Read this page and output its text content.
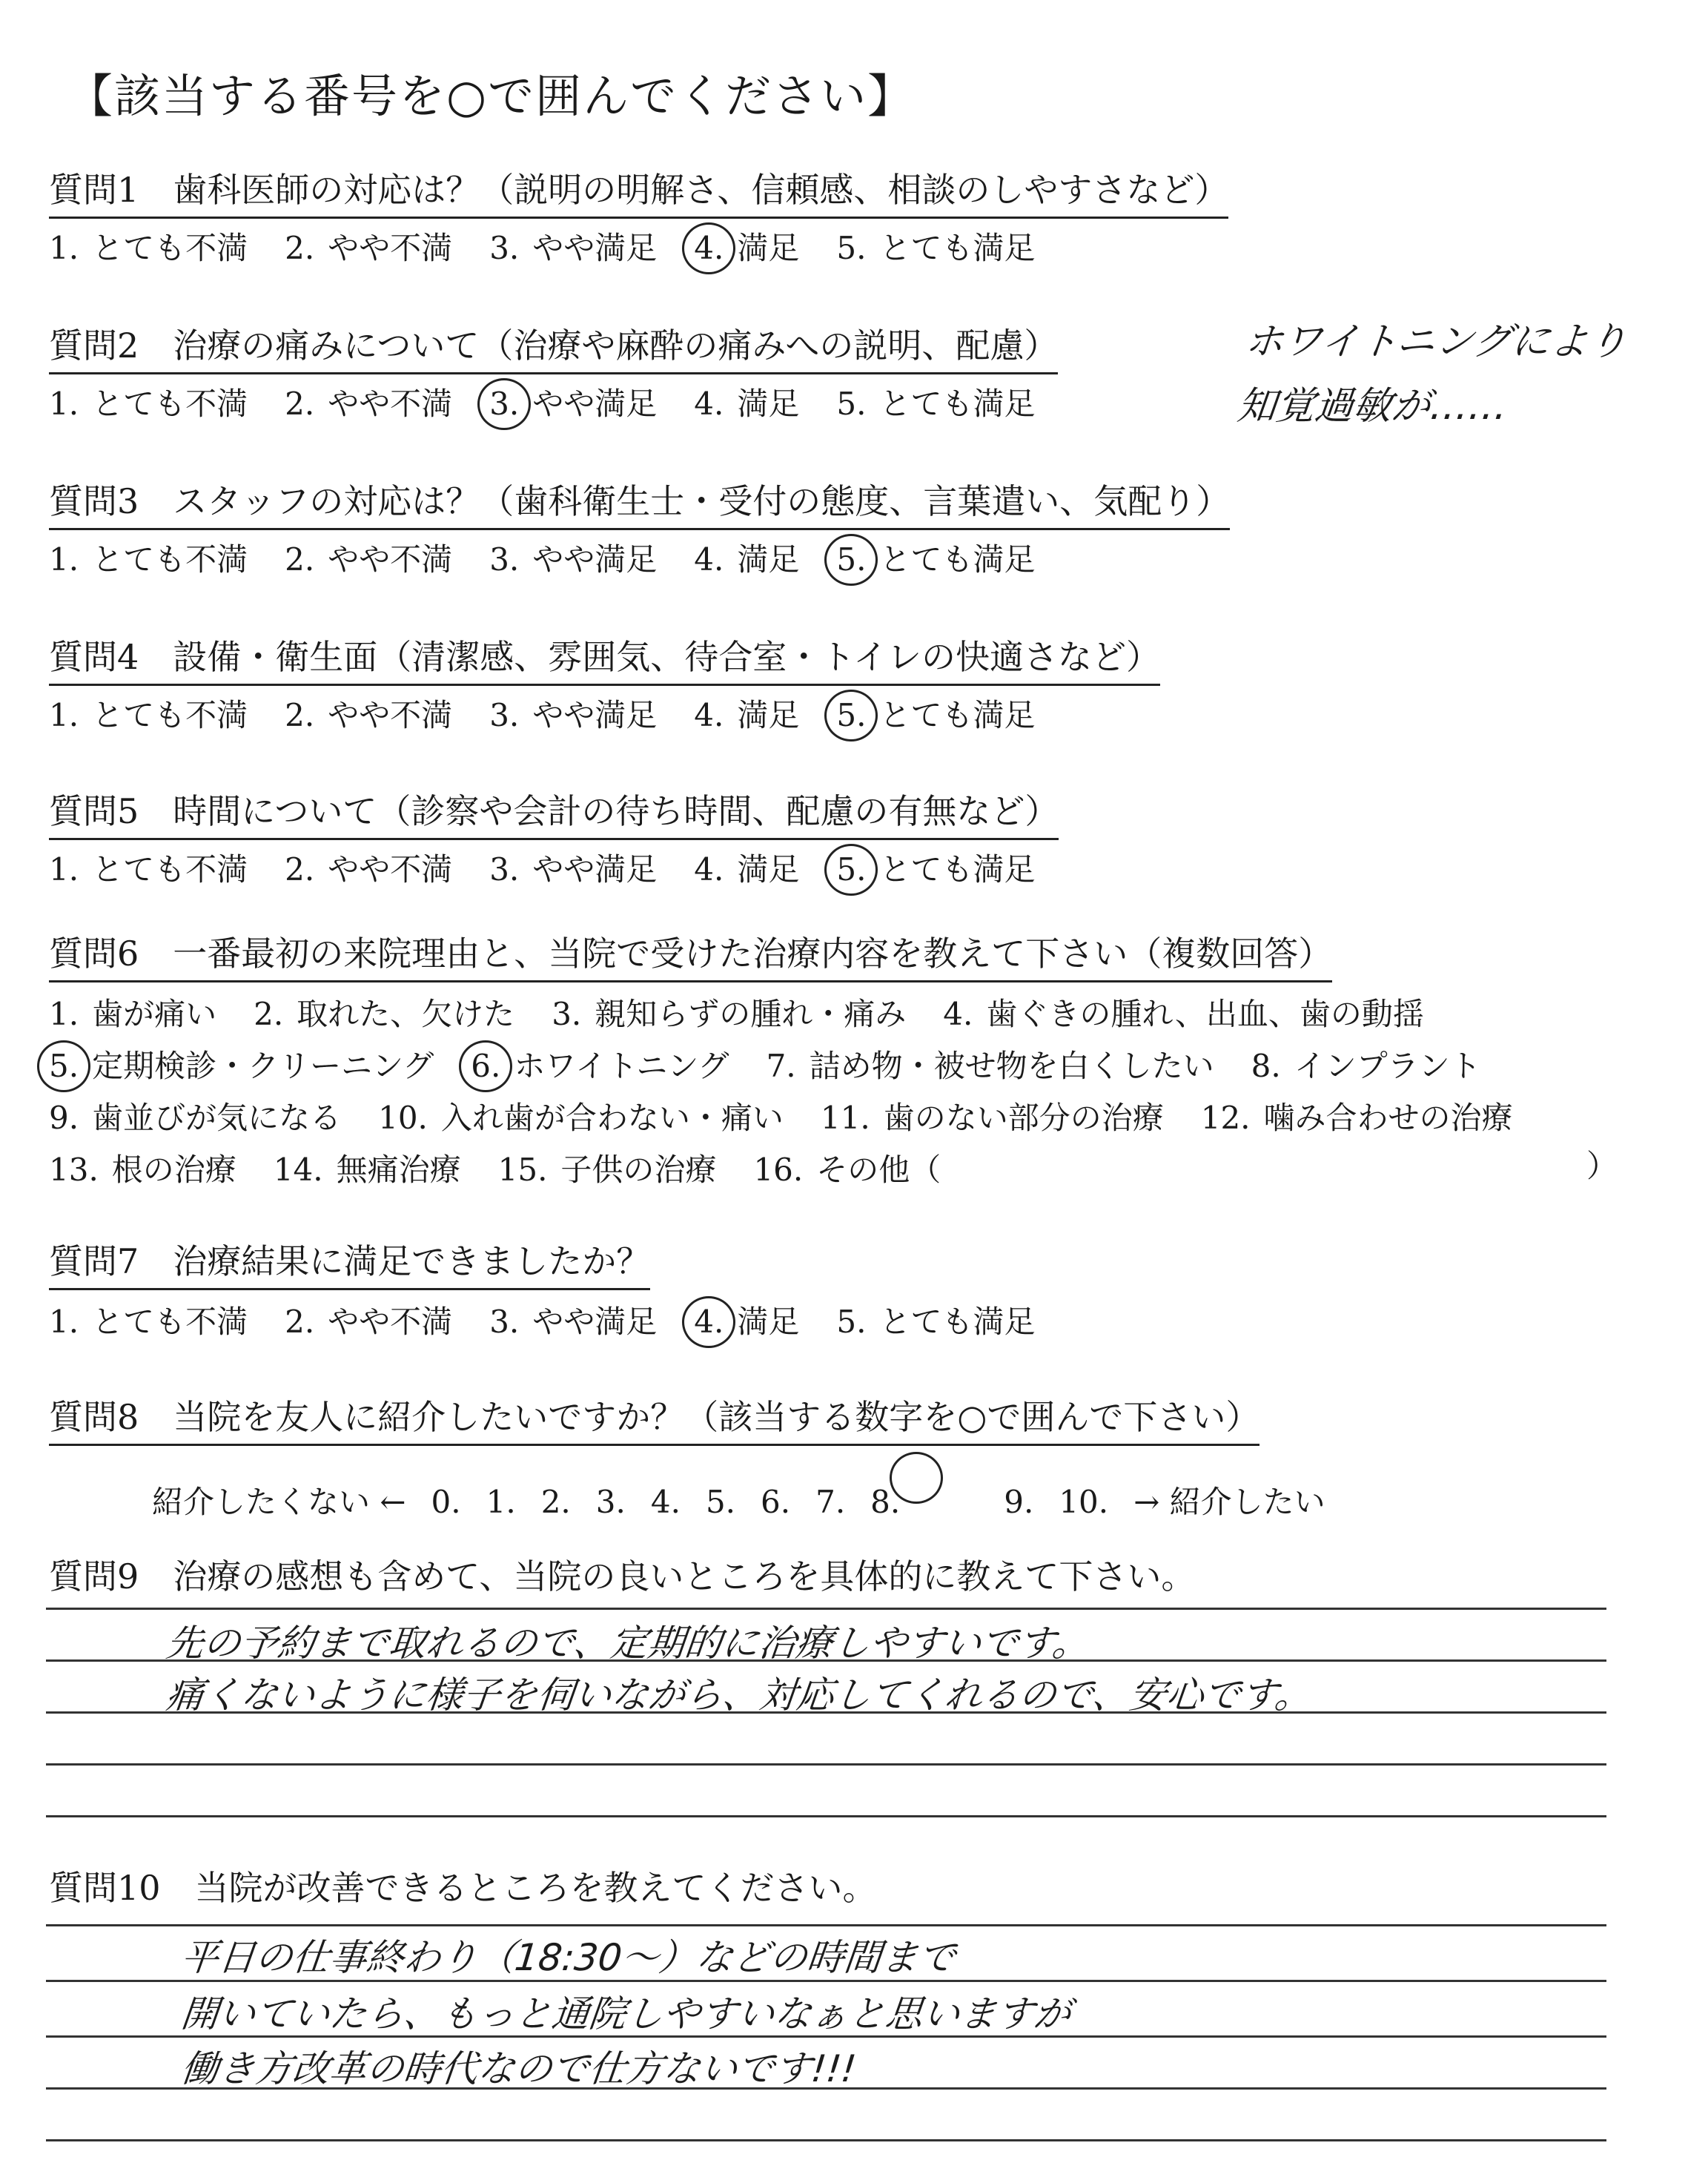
【該当する番号を○で囲んでください】
質問1　歯科医師の対応は？（説明の明解さ、信頼感、相談のしやすさなど）
1. とても不満 2. やや不満 3. やや満足 4. 満足 5. とても満足
質問2　治療の痛みについて（治療や麻酔の痛みへの説明、配慮）
1. とても不満 2. やや不満 3. やや満足 4. 満足 5. とても満足
質問3　スタッフの対応は？（歯科衛生士・受付の態度、言葉遣い、気配り）
1. とても不満 2. やや不満 3. やや満足 4. 満足 5. とても満足
質問4　設備・衛生面（清潔感、雰囲気、待合室・トイレの快適さなど）
1. とても不満 2. やや不満 3. やや満足 4. 満足 5. とても満足
質問5　時間について（診察や会計の待ち時間、配慮の有無など）
1. とても不満 2. やや不満 3. やや満足 4. 満足 5. とても満足
ホワイトニングにより
知覚過敏が……
質問6　一番最初の来院理由と、当院で受けた治療内容を教えて下さい（複数回答）
1. 歯が痛い 2. 取れた、欠けた 3. 親知らずの腫れ・痛み 4. 歯ぐきの腫れ、出血、歯の動揺
5. 定期検診・クリーニング 6. ホワイトニング 7. 詰め物・被せ物を白くしたい 8. インプラント
9. 歯並びが気になる 10. 入れ歯が合わない・痛い 11. 歯のない部分の治療 12. 噛み合わせの治療
13. 根の治療 14. 無痛治療 15. 子供の治療 16. その他（	）
質問7　治療結果に満足できましたか？
1. とても不満 2. やや不満 3. やや満足 4. 満足 5. とても満足
質問8　当院を友人に紹介したいですか？（該当する数字を○で囲んで下さい）
紹介したくない ← 0. 1. 2. 3. 4. 5. 6. 7. 8.	9. 10. → 紹介したい
質問9　治療の感想も含めて、当院の良いところを具体的に教えて下さい。
先の予約まで取れるので、定期的に治療しやすいです。
痛くないように様子を伺いながら、対応してくれるので、安心です。
質問10　当院が改善できるところを教えてください。
平日の仕事終わり（18:30～）などの時間まで
開いていたら、もっと通院しやすいなぁと思いますが
働き方改革の時代なので仕方ないです!!!
